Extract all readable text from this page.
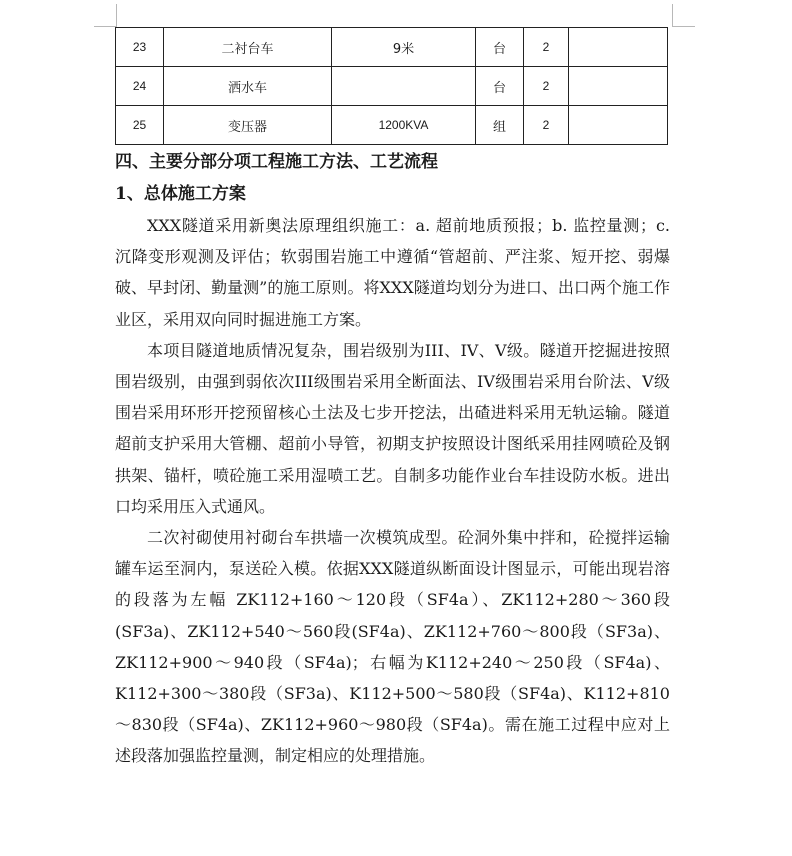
23	二衬台车	9米	台	2	
24	洒水车		台	2	
25	变压器	1200KVA	组	2	
四、主要分部分项工程施工方法、工艺流程
1、总体施工方案

XXX隧道采用新奥法原理组织施工：a. 超前地质预报；b. 监控量测；c. 沉降变形观测及评估；软弱围岩施工中遵循“管超前、严注浆、短开挖、弱爆破、早封闭、勤量测”的施工原则。将XXX隧道均划分为进口、出口两个施工作业区，采用双向同时掘进施工方案。

本项目隧道地质情况复杂，围岩级别为III、IV、V级。隧道开挖掘进按照围岩级别，由强到弱依次III级围岩采用全断面法、IV级围岩采用台阶法、V级围岩采用环形开挖预留核心土法及七步开挖法，出碴进料采用无轨运输。隧道超前支护采用大管棚、超前小导管，初期支护按照设计图纸采用挂网喷砼及钢拱架、锚杆，喷砼施工采用湿喷工艺。自制多功能作业台车挂设防水板。进出口均采用压入式通风。

二次衬砌使用衬砌台车拱墙一次模筑成型。砼洞外集中拌和，砼搅拌运输罐车运至洞内，泵送砼入模。依据XXX隧道纵断面设计图显示，可能出现岩溶的段落为左幅 ZK112+160～120段（SF4a）、ZK112+280～360段(SF3a)、ZK112+540～560段(SF4a)、ZK112+760～800段（SF3a)、ZK112+900～940段（SF4a)；右幅为K112+240～250段（SF4a)、K112+300～380段（SF3a)、K112+500～580段（SF4a)、K112+810～830段（SF4a)、ZK112+960～980段（SF4a)。需在施工过程中应对上述段落加强监控量测，制定相应的处理措施。
